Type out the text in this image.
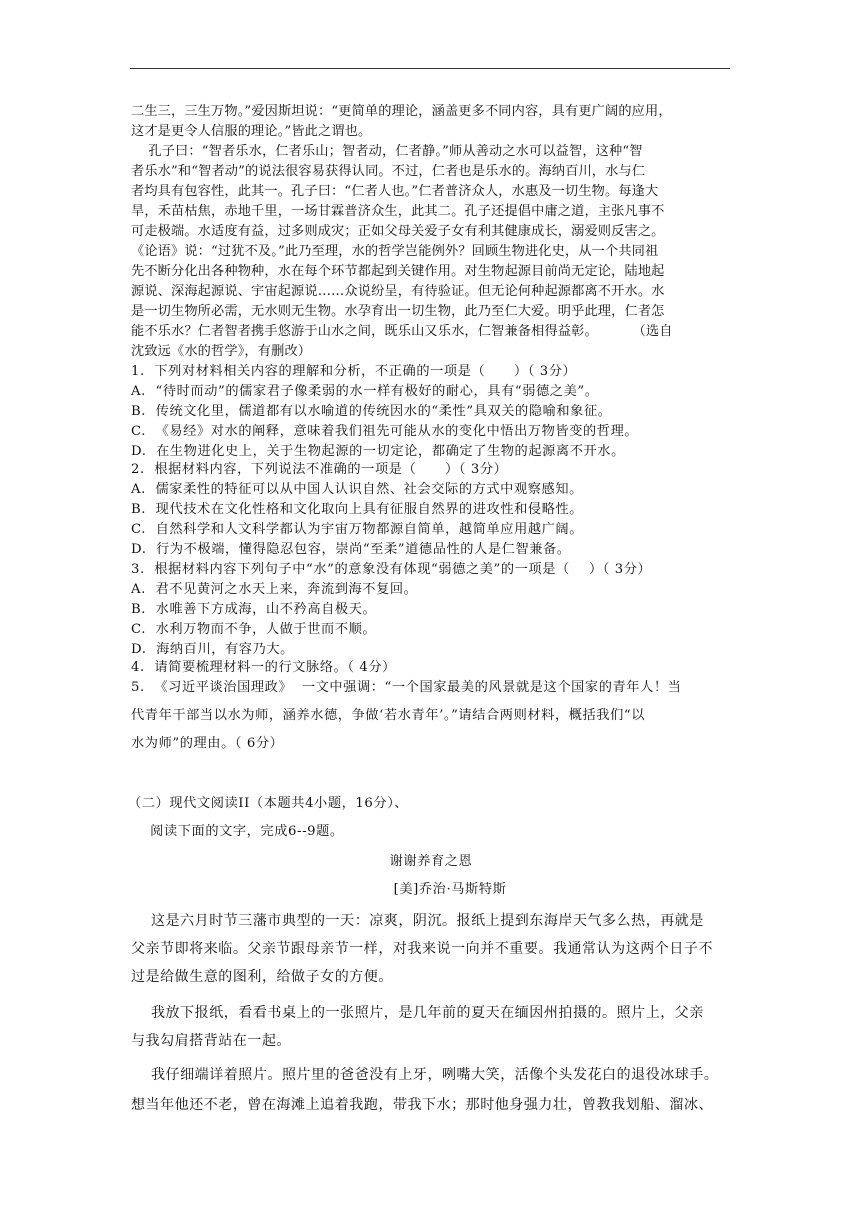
二生三，三生万物。”爱因斯坦说：“更简单的理论，涵盖更多不同内容，具有更广阔的应用，
这才是更令人信服的理论。”皆此之谓也。
孔子曰：“智者乐水，仁者乐山；智者动，仁者静。”师从善动之水可以益智，这种“智
者乐水”和“智者动”的说法很容易获得认同。不过，仁者也是乐水的。海纳百川，水与仁
者均具有包容性，此其一。孔子曰：“仁者人也。”仁者普济众人，水惠及一切生物。每逢大
旱，禾苗枯焦，赤地千里，一场甘霖普济众生，此其二。孔子还提倡中庸之道，主张凡事不
可走极端。水适度有益，过多则成灾；正如父母关爱子女有利其健康成长，溺爱则反害之。
《论语》说：“过犹不及。”此乃至理，水的哲学岂能例外？回顾生物进化史，从一个共同祖
先不断分化出各种物种，水在每个环节都起到关键作用。对生物起源目前尚无定论，陆地起
源说、深海起源说、宇宙起源说……众说纷呈，有待验证。但无论何种起源都离不开水。水
是一切生物所必需，无水则无生物。水孕育出一切生物，此乃至仁大爱。明乎此理，仁者怎
能不乐水？仁者智者携手悠游于山水之间，既乐山又乐水，仁智兼备相得益彰。        （选自
沈致远《水的哲学》，有删改）
1.  下列对材料相关内容的理解和分析，不正确的一项是（      ）（ 3分）
A.  “待时而动”的儒家君子像柔弱的水一样有极好的耐心，具有“弱德之美”。
B.  传统文化里，儒道都有以水喻道的传统因水的“柔性”具双关的隐喻和象征。
C.  《易经》对水的阐释，意味着我们祖先可能从水的变化中悟出万物皆变的哲理。
D.  在生物进化史上，关于生物起源的一切定论，都确定了生物的起源离不开水。
2.  根据材料内容，下列说法不准确的一项是（      ）（ 3分）
A.  儒家柔性的特征可以从中国人认识自然、社会交际的方式中观察感知。
B.  现代技术在文化性格和文化取向上具有征服自然界的进攻性和侵略性。
C.  自然科学和人文科学都认为宇宙万物都源自简单，越简单应用越广阔。
D.  行为不极端，懂得隐忍包容，崇尚“至柔”道德品性的人是仁智兼备。
3.  根据材料内容下列句子中“水”的意象没有体现“弱德之美”的一项是（    ）（ 3分）
A.  君不见黄河之水天上来，奔流到海不复回。
B.  水唯善下方成海，山不矜高自极天。
C.  水利万物而不争，人做于世而不顺。
D.  海纳百川，有容乃大。
4.  请简要梳理材料一的行文脉络。（ 4分）
5.  《习近平谈治国理政》  一文中强调：“一个国家最美的风景就是这个国家的青年人！当
代青年干部当以水为师，涵养水德，争做‘若水青年’。”请结合两则材料，概括我们“以
水为师”的理由。（ 6分）
（二）现代文阅读II（本题共4小题，16分）、
阅读下面的文字，完成6--9题。
谢谢养育之恩
[美]乔治·马斯特斯
这是六月时节三藩市典型的一天：凉爽，阴沉。报纸上提到东海岸天气多么热，再就是
父亲节即将来临。父亲节跟母亲节一样，对我来说一向并不重要。我通常认为这两个日子不
过是给做生意的图利，给做子女的方便。
我放下报纸，看看书桌上的一张照片，是几年前的夏天在缅因州拍摄的。照片上，父亲
与我勾肩搭背站在一起。
我仔细端详着照片。照片里的爸爸没有上牙，咧嘴大笑，活像个头发花白的退役冰球手。
想当年他还不老，曾在海滩上追着我跑，带我下水；那时他身强力壮，曾教我划船、溜冰、
